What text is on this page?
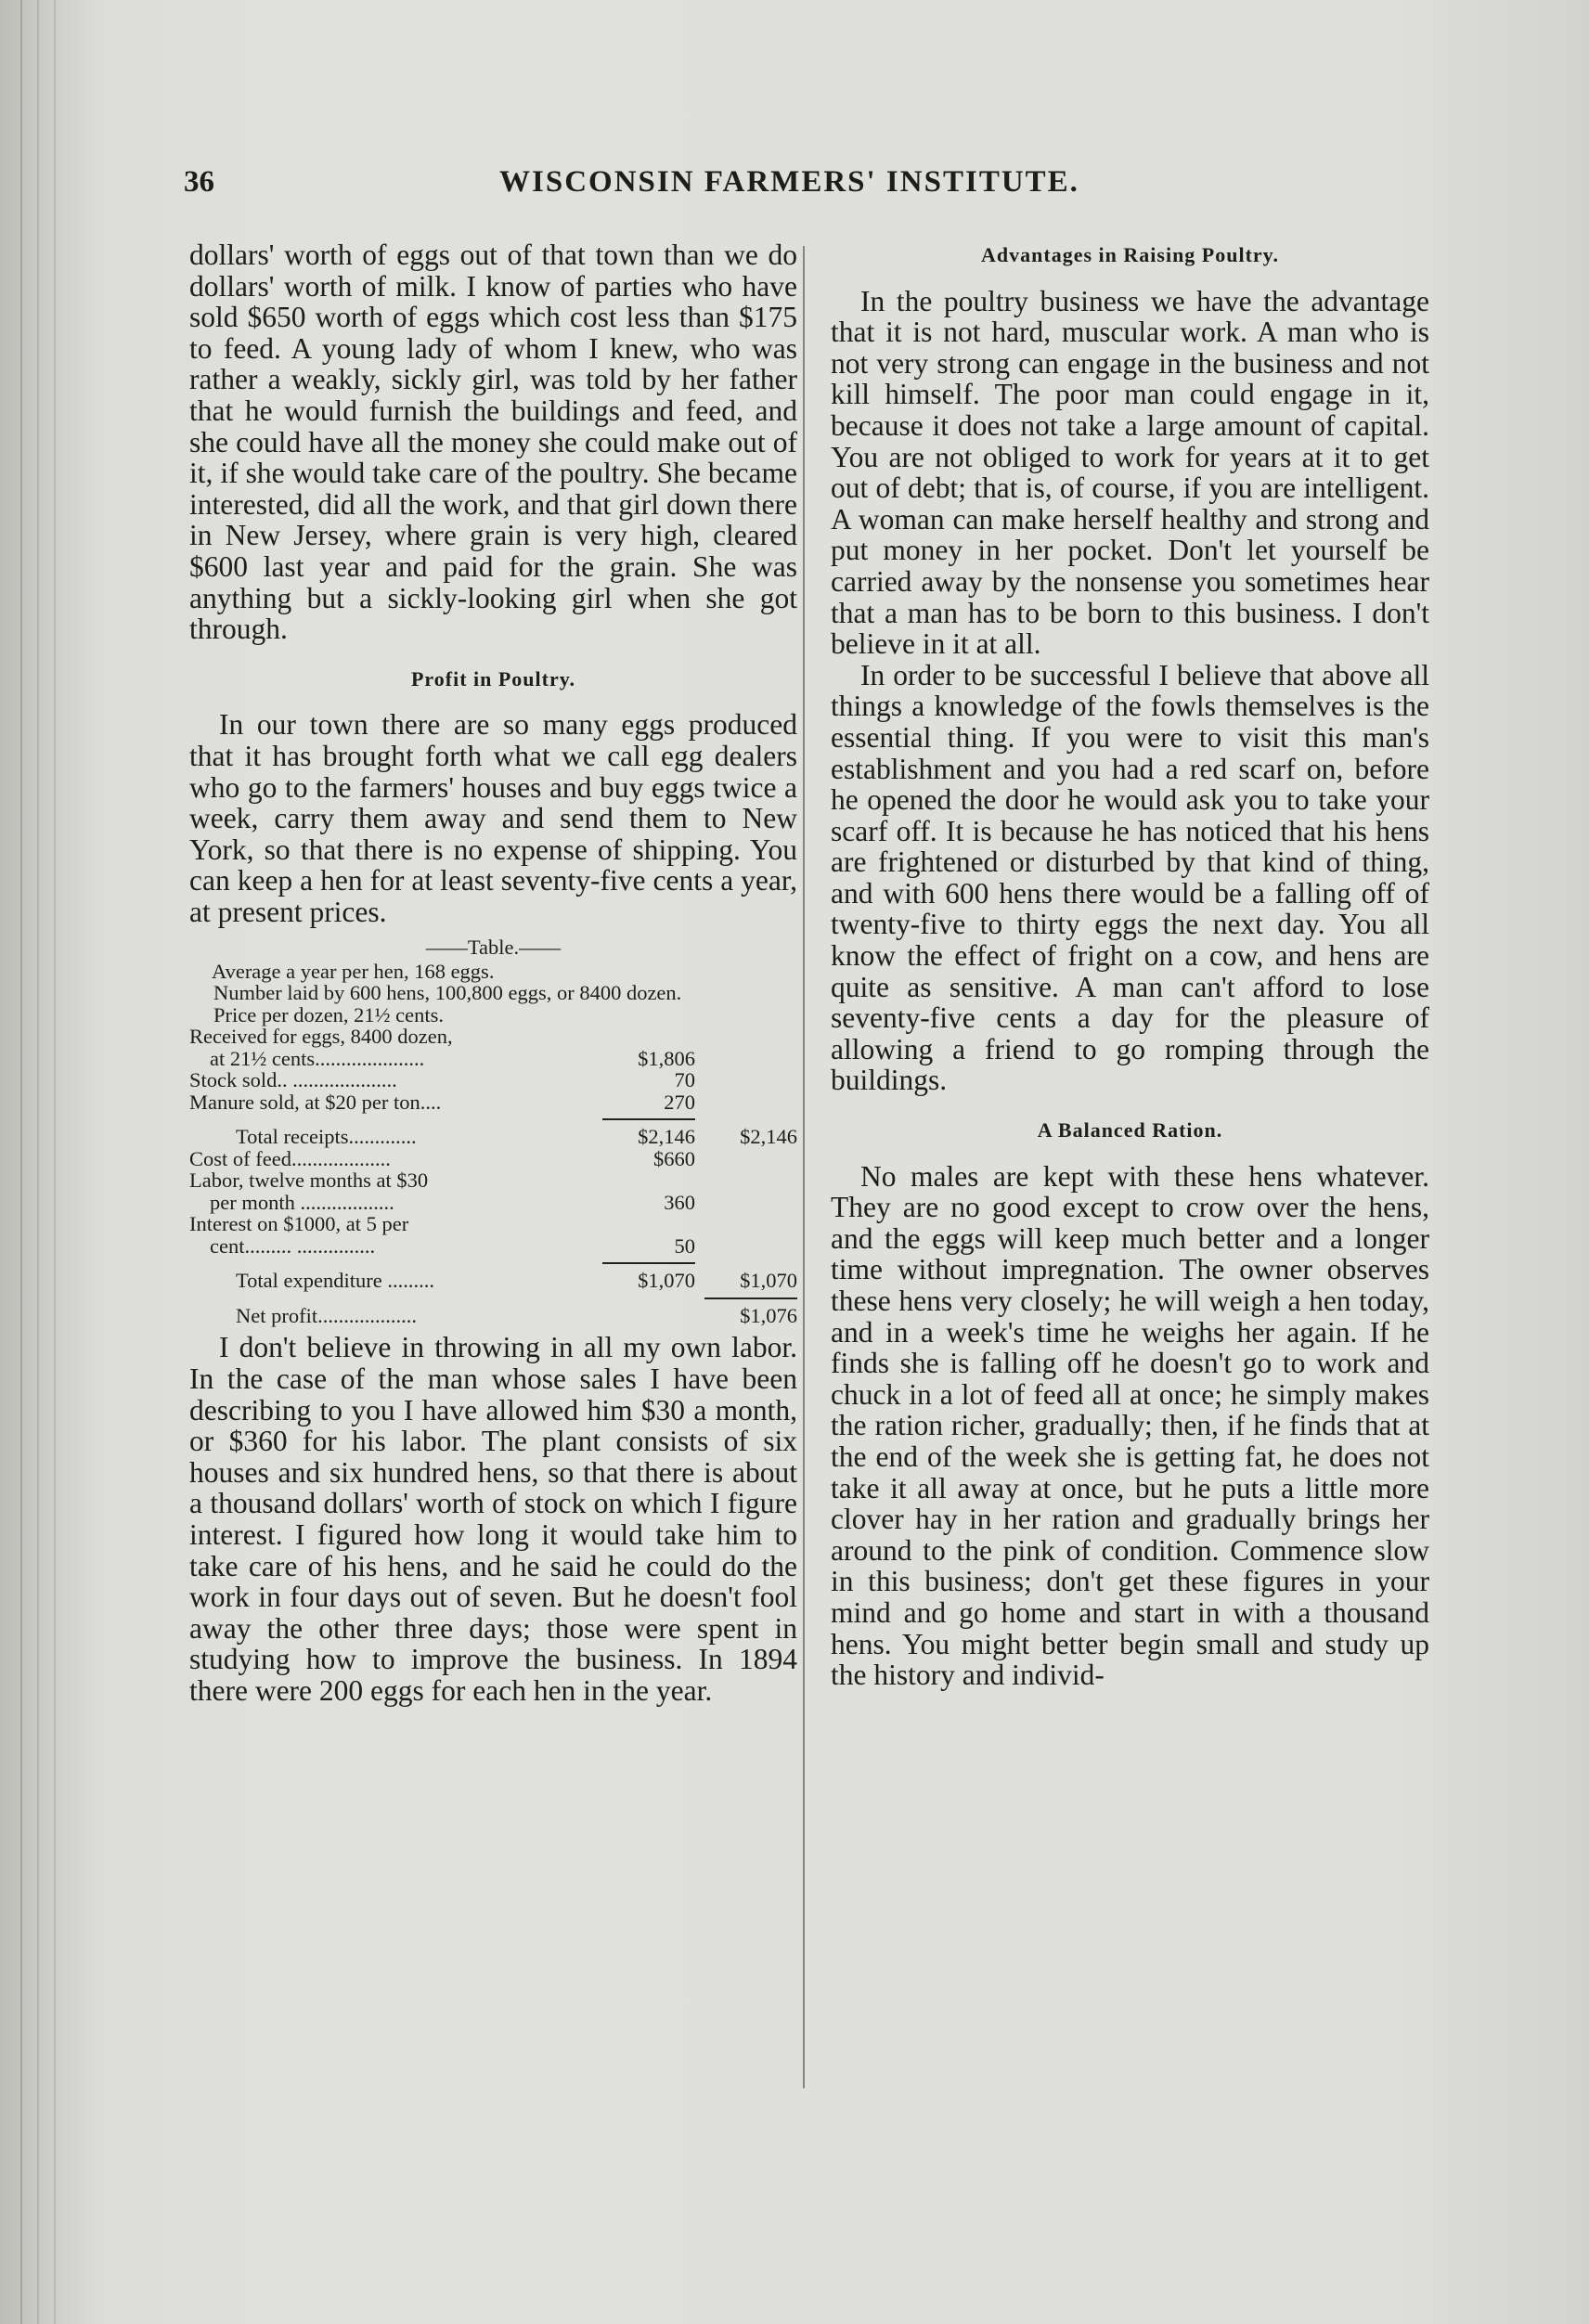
36	WISCONSIN FARMERS' INSTITUTE.

dollars' worth of eggs out of that town than we do dollars' worth of milk. I know of parties who have sold $650 worth of eggs which cost less than $175 to feed. A young lady of whom I knew, who was rather a weakly, sickly girl, was told by her father that he would furnish the buildings and feed, and she could have all the money she could make out of it, if she would take care of the poultry. She became interested, did all the work, and that girl down there in New Jersey, where grain is very high, cleared $600 last year and paid for the grain. She was anything but a sickly-looking girl when she got through.

Profit in Poultry.

In our town there are so many eggs produced that it has brought forth what we call egg dealers who go to the farmers' houses and buy eggs twice a week, carry them away and send them to New York, so that there is no expense of shipping. You can keep a hen for at least seventy-five cents a year, at present prices.

——Table.——
Average a year per hen, 168 eggs.
Number laid by 600 hens, 100,800 eggs, or 8400 dozen.
Price per dozen, 21½ cents.
Received for eggs, 8400 dozen,
at 21½ cents.....................	$1,806
Stock sold.. ....................	70
Manure sold, at $20 per ton....	270
Total receipts.............	$2,146	$2,146
Cost of feed...................	$660
Labor, twelve months at $30
per month ..................	360
Interest on $1000, at 5 per
cent......... ...............	50
Total expenditure .........	$1,070	$1,070
Net profit...................	$1,076

I don't believe in throwing in all my own labor. In the case of the man whose sales I have been describing to you I have allowed him $30 a month, or $360 for his labor. The plant consists of six houses and six hundred hens, so that there is about a thousand dollars' worth of stock on which I figure interest. I figured how long it would take him to take care of his hens, and he said he could do the work in four days out of seven. But he doesn't fool away the other three days; those were spent in studying how to improve the business. In 1894 there were 200 eggs for each hen in the year.

Advantages in Raising Poultry.

In the poultry business we have the advantage that it is not hard, muscular work. A man who is not very strong can engage in the business and not kill himself. The poor man could engage in it, because it does not take a large amount of capital. You are not obliged to work for years at it to get out of debt; that is, of course, if you are intelligent. A woman can make herself healthy and strong and put money in her pocket. Don't let yourself be carried away by the nonsense you sometimes hear that a man has to be born to this business. I don't believe in it at all.

In order to be successful I believe that above all things a knowledge of the fowls themselves is the essential thing. If you were to visit this man's establishment and you had a red scarf on, before he opened the door he would ask you to take your scarf off. It is because he has noticed that his hens are frightened or disturbed by that kind of thing, and with 600 hens there would be a falling off of twenty-five to thirty eggs the next day. You all know the effect of fright on a cow, and hens are quite as sensitive. A man can't afford to lose seventy-five cents a day for the pleasure of allowing a friend to go romping through the buildings.

A Balanced Ration.

No males are kept with these hens whatever. They are no good except to crow over the hens, and the eggs will keep much better and a longer time without impregnation. The owner observes these hens very closely; he will weigh a hen today, and in a week's time he weighs her again. If he finds she is falling off he doesn't go to work and chuck in a lot of feed all at once; he simply makes the ration richer, gradually; then, if he finds that at the end of the week she is getting fat, he does not take it all away at once, but he puts a little more clover hay in her ration and gradually brings her around to the pink of condition. Commence slow in this business; don't get these figures in your mind and go home and start in with a thousand hens. You might better begin small and study up the history and individ-
